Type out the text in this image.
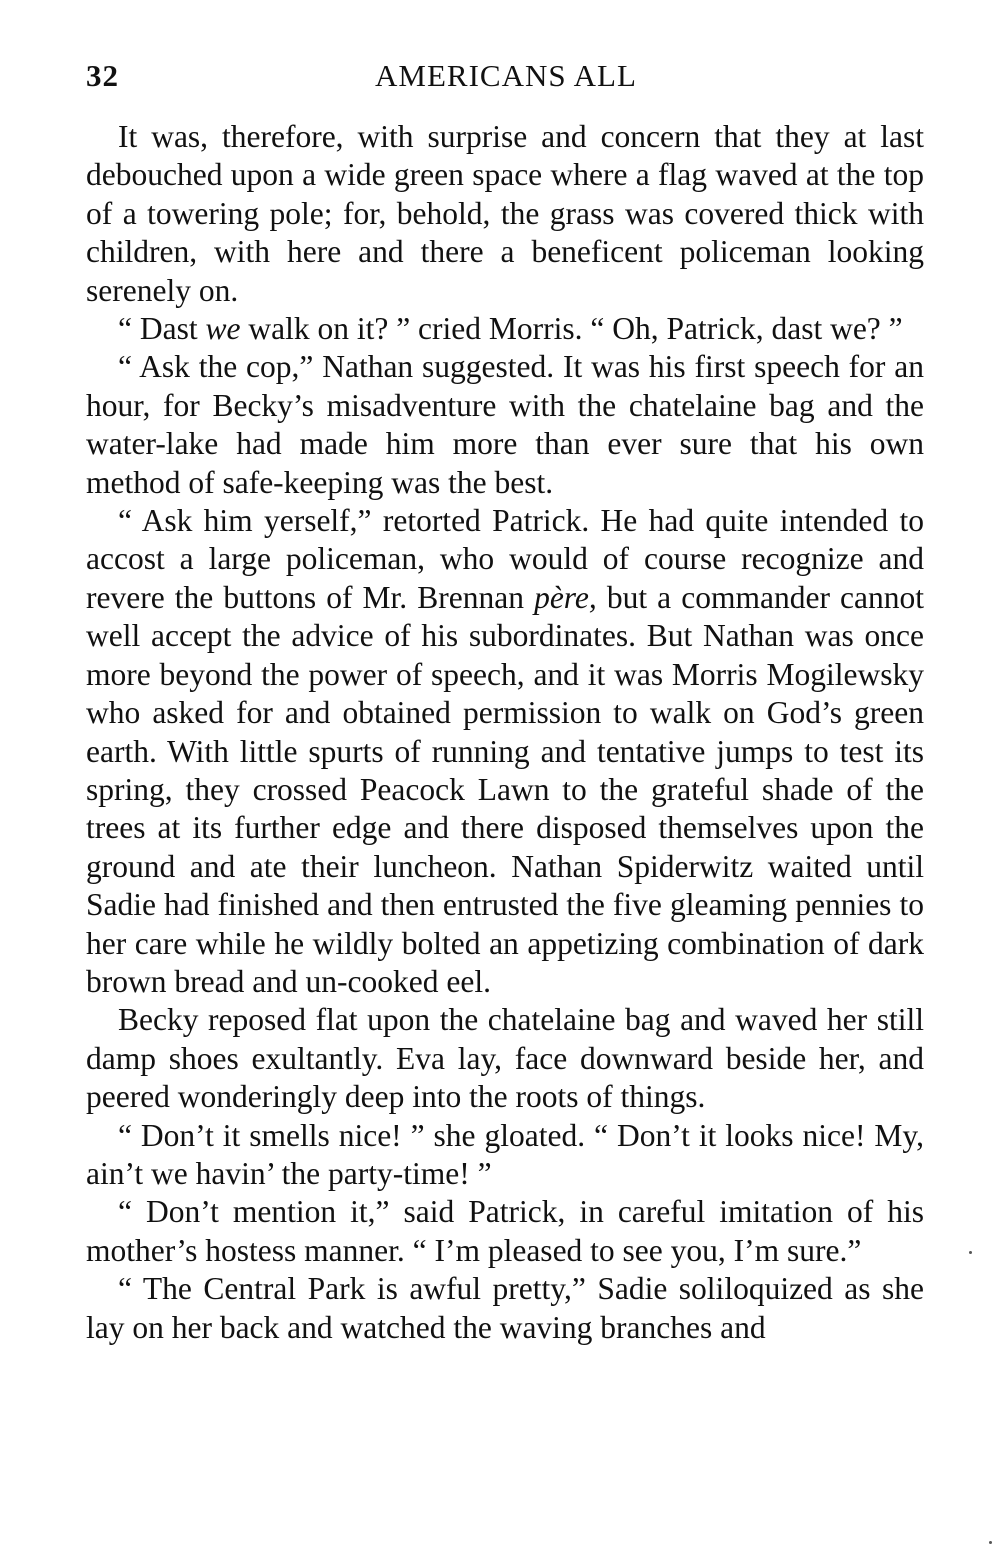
32	AMERICANS ALL

It was, therefore, with surprise and concern that they at last debouched upon a wide green space where a flag waved at the top of a towering pole; for, behold, the grass was covered thick with children, with here and there a beneficent policeman looking serenely on.

“ Dast we walk on it? ” cried Morris. “ Oh, Patrick, dast we? ”

“ Ask the cop,” Nathan suggested. It was his first speech for an hour, for Becky’s misadventure with the chatelaine bag and the water-lake had made him more than ever sure that his own method of safe-keeping was the best.

“ Ask him yerself,” retorted Patrick. He had quite intended to accost a large policeman, who would of course recognize and revere the buttons of Mr. Brennan père, but a commander cannot well accept the advice of his subordinates. But Nathan was once more beyond the power of speech, and it was Morris Mogilewsky who asked for and obtained permission to walk on God’s green earth. With little spurts of running and tentative jumps to test its spring, they crossed Peacock Lawn to the grateful shade of the trees at its further edge and there disposed themselves upon the ground and ate their luncheon. Nathan Spiderwitz waited until Sadie had finished and then entrusted the five gleaming pennies to her care while he wildly bolted an appetizing combination of dark brown bread and un-cooked eel.

Becky reposed flat upon the chatelaine bag and waved her still damp shoes exultantly. Eva lay, face downward beside her, and peered wonderingly deep into the roots of things.

“ Don’t it smells nice! ” she gloated. “ Don’t it looks nice! My, ain’t we havin’ the party-time! ”

“ Don’t mention it,” said Patrick, in careful imitation of his mother’s hostess manner. “ I’m pleased to see you, I’m sure.”

“ The Central Park is awful pretty,” Sadie soliloquized as she lay on her back and watched the waving branches and
